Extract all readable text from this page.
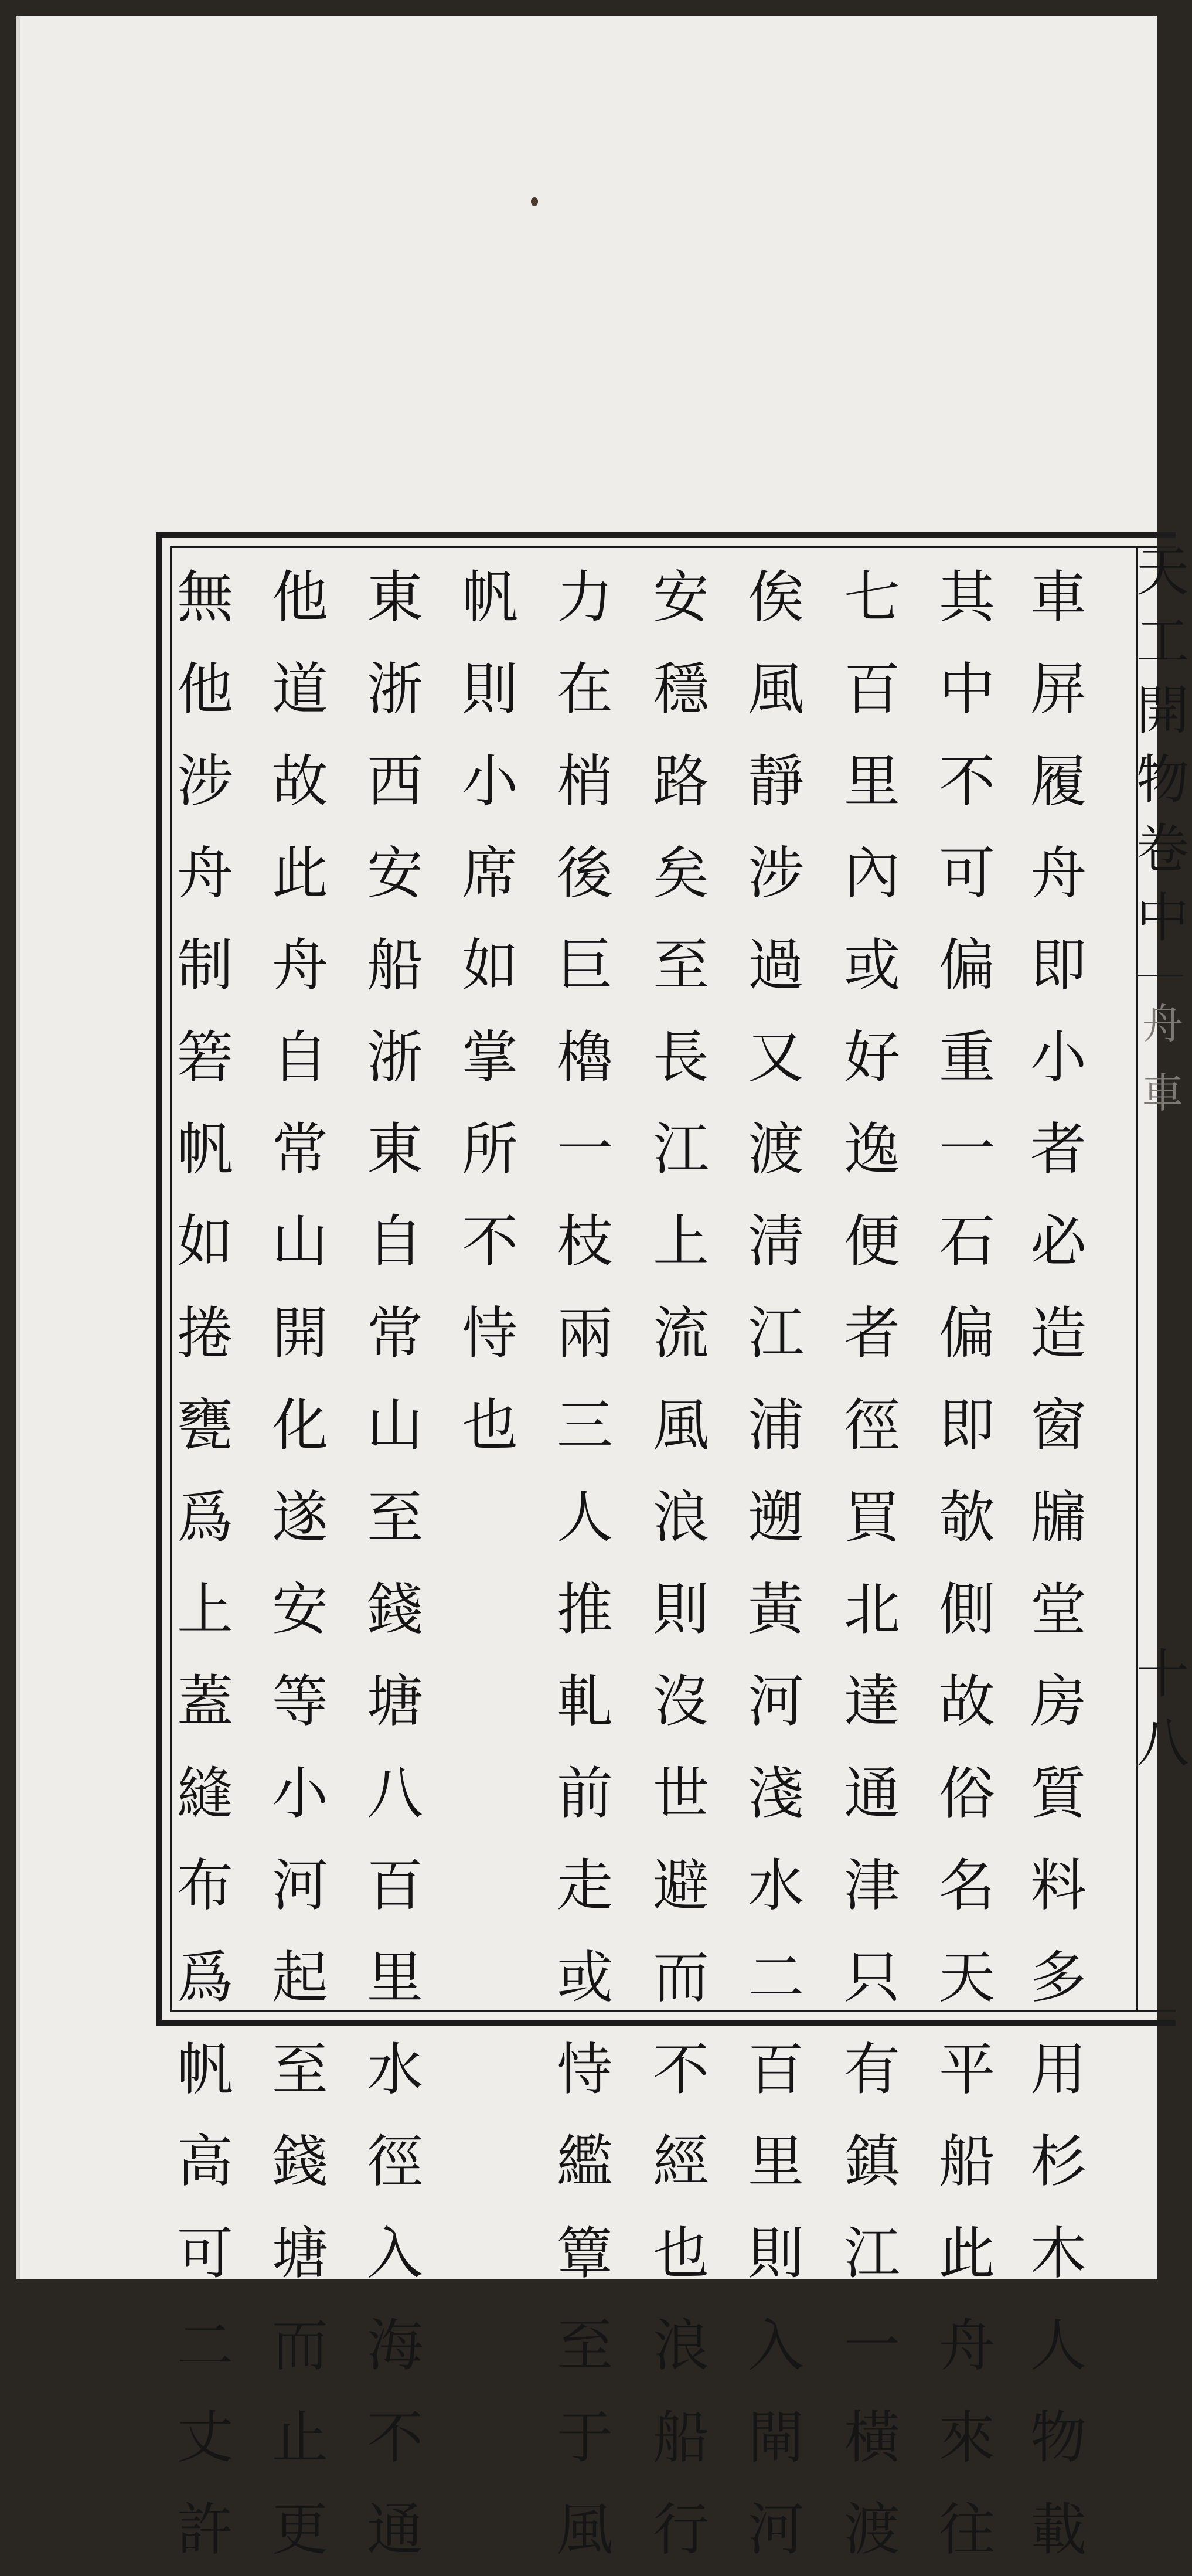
天
工
開
物
卷
中
舟
車
十
八
車
屏
履
舟
即
小
者
必
造
窗
牖
堂
房
質
料
多
用
杉
木
人
物
載
其
中
不
可
偏
重
一
石
偏
即
欹
側
故
俗
名
天
平
船
此
舟
來
往
七
百
里
內
或
好
逸
便
者
徑
買
北
達
通
津
只
有
鎮
江
一
橫
渡
俟
風
靜
涉
過
又
渡
淸
江
浦
遡
黃
河
淺
水
二
百
里
則
入
閘
河
安
穩
路
矣
至
長
江
上
流
風
浪
則
沒
世
避
而
不
經
也
浪
船
行
力
在
梢
後
巨
櫓
一
枝
兩
三
人
推
軋
前
走
或
恃
繿
簟
至
于
風
帆
則
小
席
如
掌
所
不
恃
也
東
浙
西
安
船
浙
東
自
常
山
至
錢
塘
八
百
里
水
徑
入
海
不
通
他
道
故
此
舟
自
常
山
開
化
遂
安
等
小
河
起
至
錢
塘
而
止
更
無
他
涉
舟
制
箬
帆
如
捲
甕
爲
上
蓋
縫
布
爲
帆
高
可
二
丈
許
